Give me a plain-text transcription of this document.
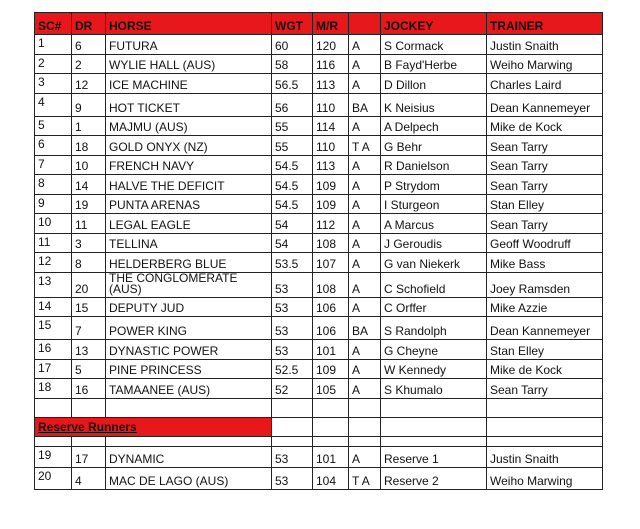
SC#	DR	HORSE	WGT	M/R		JOCKEY	TRAINER
1	6	FUTURA	60	120	A	S Cormack	Justin Snaith
2	2	WYLIE HALL (AUS)	58	116	A	B Fayd'Herbe	Weiho Marwing
3	12	ICE MACHINE	56.5	113	A	D Dillon	Charles Laird
4	9	HOT TICKET	56	110	BA	K Neisius	Dean Kannemeyer
5	1	MAJMU (AUS)	55	114	A	A Delpech	Mike de Kock
6	18	GOLD ONYX (NZ)	55	110	T A	G Behr	Sean Tarry
7	10	FRENCH NAVY	54.5	113	A	R Danielson	Sean Tarry
8	14	HALVE THE DEFICIT	54.5	109	A	P Strydom	Sean Tarry
9	19	PUNTA ARENAS	54.5	109	A	I Sturgeon	Stan Elley
10	11	LEGAL EAGLE	54	112	A	A Marcus	Sean Tarry
11	3	TELLINA	54	108	A	J Geroudis	Geoff Woodruff
12	8	HELDERBERG BLUE	53.5	107	A	G van Niekerk	Mike Bass
13	20	THE CONGLOMERATE (AUS)	53	108	A	C Schofield	Joey Ramsden
14	15	DEPUTY JUD	53	106	A	C Orffer	Mike Azzie
15	7	POWER KING	53	106	BA	S Randolph	Dean Kannemeyer
16	13	DYNASTIC POWER	53	101	A	G Cheyne	Stan Elley
17	5	PINE PRINCESS	52.5	109	A	W Kennedy	Mike de Kock
18	16	TAMAANEE (AUS)	52	105	A	S Khumalo	Sean Tarry

Reserve Runners							

19	17	DYNAMIC	53	101	A	Reserve 1	Justin Snaith
20	4	MAC DE LAGO (AUS)	53	104	T A	Reserve 2	Weiho Marwing
